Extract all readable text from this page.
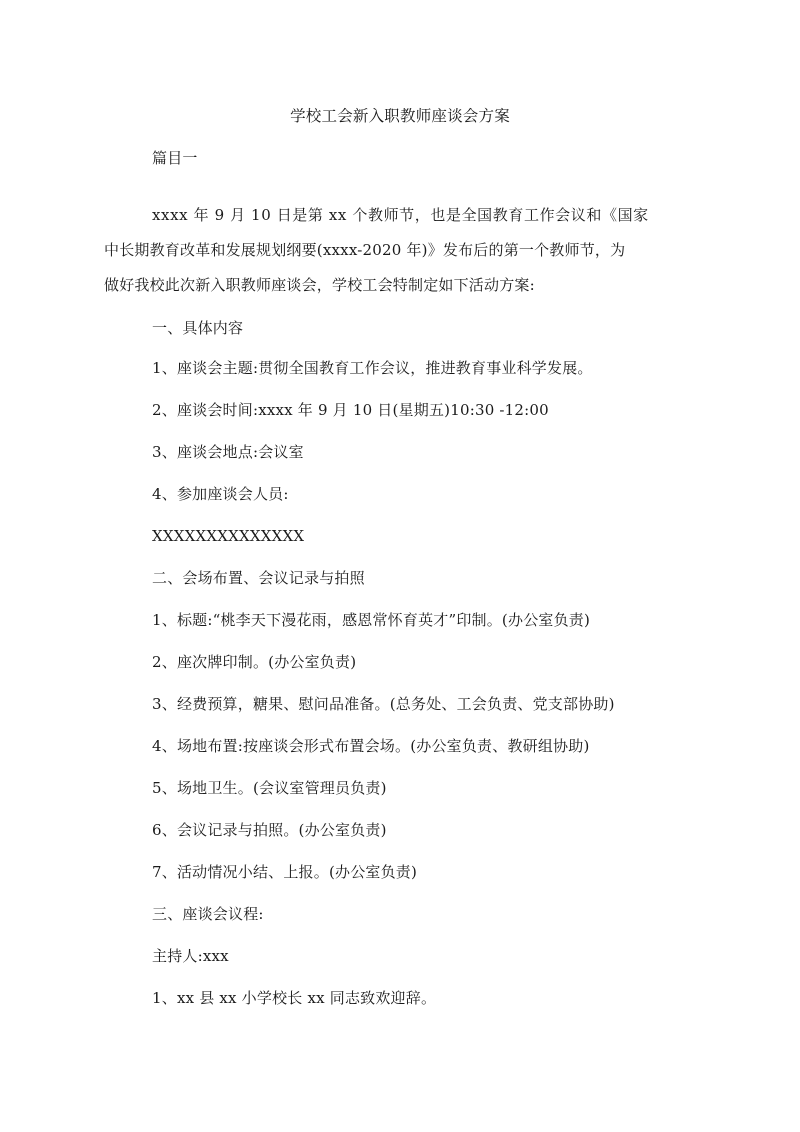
学校工会新入职教师座谈会方案
篇目一
xxxx 年 9 月 10 日是第 xx 个教师节，也是全国教育工作会议和《国家
中长期教育改革和发展规划纲要(xxxx-2020 年)》发布后的第一个教师节，为
做好我校此次新入职教师座谈会，学校工会特制定如下活动方案:
一、具体内容
1、座谈会主题:贯彻全国教育工作会议，推进教育事业科学发展。
2、座谈会时间:xxxx 年 9 月 10 日(星期五)10:30 -12:00
3、座谈会地点:会议室
4、参加座谈会人员:
XXXXXXXXXXXXXX
二、会场布置、会议记录与拍照
1、标题:“桃李天下漫花雨，感恩常怀育英才”印制。(办公室负责)
2、座次牌印制。(办公室负责)
3、经费预算，糖果、慰问品准备。(总务处、工会负责、党支部协助)
4、场地布置:按座谈会形式布置会场。(办公室负责、教研组协助)
5、场地卫生。(会议室管理员负责)
6、会议记录与拍照。(办公室负责)
7、活动情况小结、上报。(办公室负责)
三、座谈会议程:
主持人:xxx
1、xx 县 xx 小学校长 xx 同志致欢迎辞。
